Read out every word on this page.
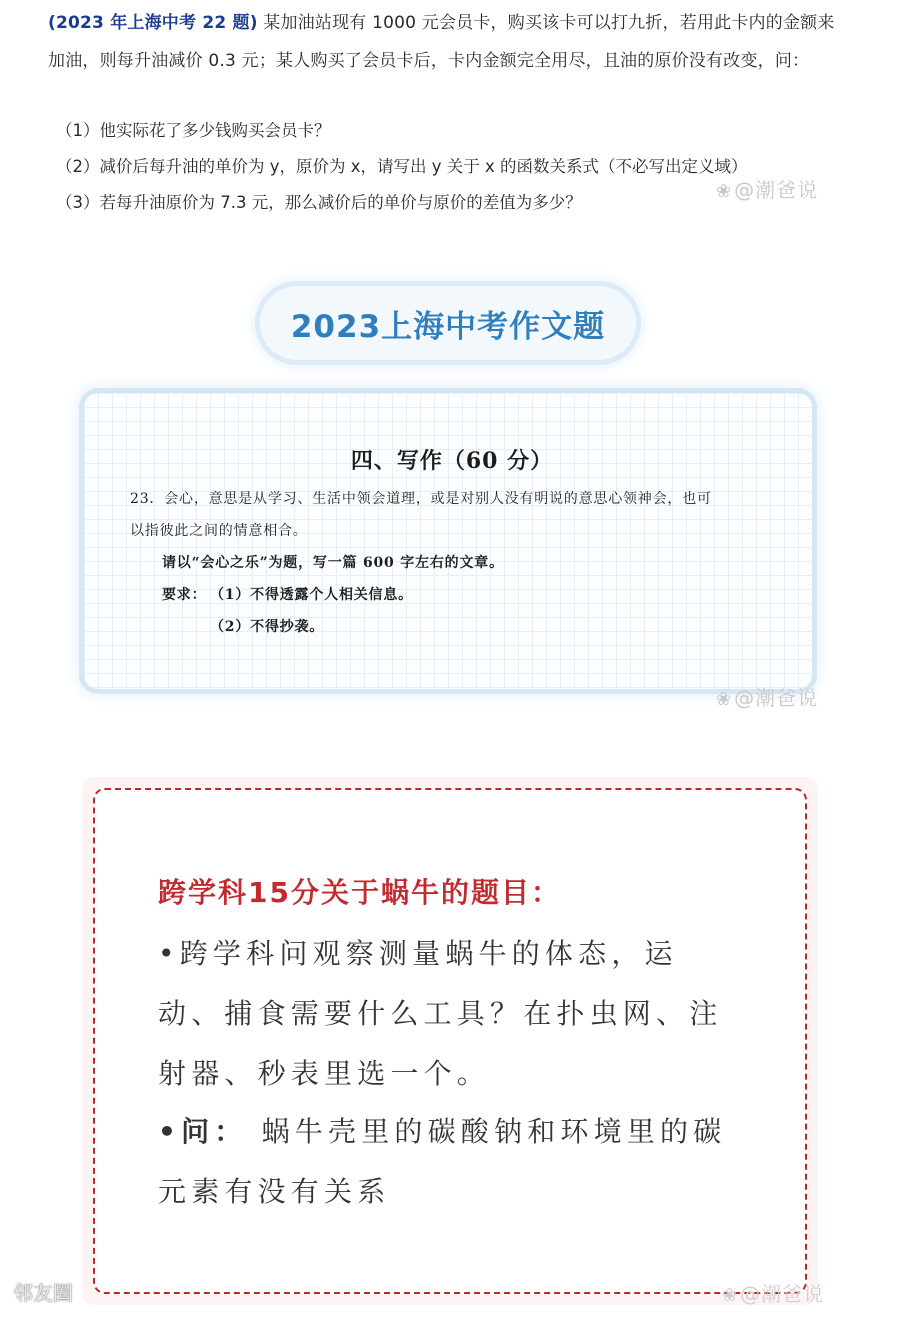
(2023 年上海中考 22 题) 某加油站现有 1000 元会员卡，购买该卡可以打九折，若用此卡内的金额来
加油，则每升油减价 0.3 元；某人购买了会员卡后，卡内金额完全用尽，且油的原价没有改变，问：
（1）他实际花了多少钱购买会员卡？
（2）减价后每升油的单价为 y，原价为 x，请写出 y 关于 x 的函数关系式（不必写出定义域）
（3）若每升油原价为 7.3 元，那么减价后的单价与原价的差值为多少？
❀ @潮爸说
2023上海中考作文题
四、写作（60 分）
23．会心，意思是从学习、生活中领会道理，或是对别人没有明说的意思心领神会，也可
以指彼此之间的情意相合。
请以“会心之乐”为题，写一篇 600 字左右的文章。
要求： （1）不得透露个人相关信息。
（2）不得抄袭。
❀ @潮爸说
跨学科15分关于蜗牛的题目：
•跨学科问观察测量蜗牛的体态，运
动、捕食需要什么工具？在扑虫网、注
射器、秒表里选一个。
•问： 蜗牛壳里的碳酸钠和环境里的碳
元素有没有关系
邻友圈	❀ @潮爸说
